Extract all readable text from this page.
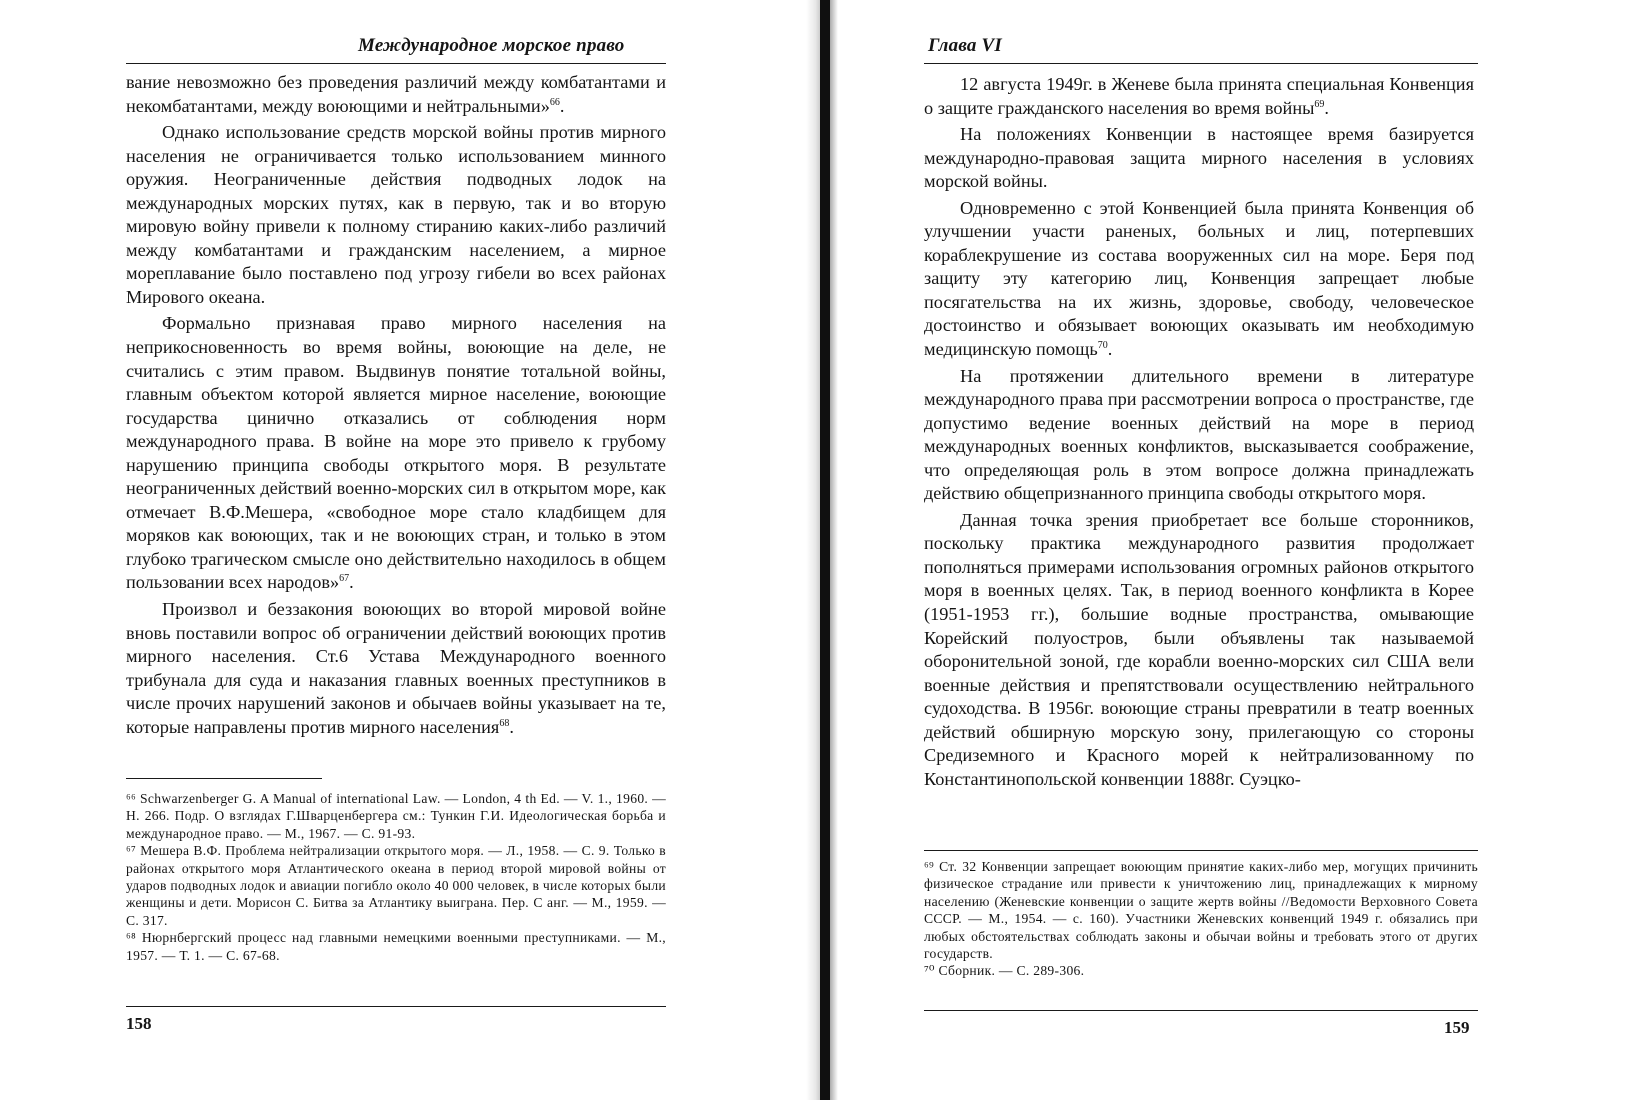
Международное морское право

вание невозможно без проведения различий между комбатантами и некомбатантами, между воюющими и нейтральными»$^{66}$.

Однако использование средств морской войны против мирного населения не ограничивается только использованием минного оружия. Неограниченные действия подводных лодок на международных морских путях, как в первую, так и во вторую мировую войну привели к полному стиранию каких-либо различий между комбатантами и гражданским населением, а мирное мореплавание было поставлено под угрозу гибели во всех районах Мирового океана.

Формально признавая право мирного населения на неприкосновенность во время войны, воюющие на деле, не считались с этим правом. Выдвинув понятие тотальной войны, главным объектом которой является мирное население, воюющие государства цинично отказались от соблюдения норм международного права. В войне на море это привело к грубому нарушению принципа свободы открытого моря. В результате неограниченных действий военно-морских сил в открытом море, как отмечает В.Ф.Мешера, «свободное море стало кладбищем для моряков как воюющих, так и не воюющих стран, и только в этом глубоко трагическом смысле оно действительно находилось в общем пользовании всех народов»$^{67}$.

Произвол и беззакония воюющих во второй мировой войне вновь поставили вопрос об ограничении действий воюющих против мирного населения. Ст.6 Устава Международного военного трибунала для суда и наказания главных военных преступников в числе прочих нарушений законов и обычаев войны указывает на те, которые направлены против мирного населения$^{68}$.

⁶⁶ Schwarzenberger G. A Manual of international Law. — London, 4 th Ed. — V. 1., 1960. — Н. 266. Подр. О взглядах Г.Шварценбергера см.: Тункин Г.И. Идеологическая борьба и международное право. — М., 1967. — С. 91-93.

⁶⁷ Мешера В.Ф. Проблема нейтрализации открытого моря. — Л., 1958. — С. 9. Только в районах открытого моря Атлантического океана в период второй мировой войны от ударов подводных лодок и авиации погибло около 40 000 человек, в числе которых были женщины и дети. Морисон С. Битва за Атлантику выиграна. Пер. С анг. — М., 1959. — С. 317.

⁶⁸ Нюрнбергский процесс над главными немецкими военными преступниками. — М., 1957. — Т. 1. — С. 67-68.

158
Глава VI

12 августа 1949г. в Женеве была принята специальная Конвенция о защите гражданского населения во время войны$^{69}$.

На положениях Конвенции в настоящее время базируется международно-правовая защита мирного населения в условиях морской войны.

Одновременно с этой Конвенцией была принята Конвенция об улучшении участи раненых, больных и лиц, потерпевших кораблекрушение из состава вооруженных сил на море. Беря под защиту эту категорию лиц, Конвенция запрещает любые посягательства на их жизнь, здоровье, свободу, человеческое достоинство и обязывает воюющих оказывать им необходимую медицинскую помощь$^{70}$.

На протяжении длительного времени в литературе международного права при рассмотрении вопроса о пространстве, где допустимо ведение военных действий на море в период международных военных конфликтов, высказывается соображение, что определяющая роль в этом вопросе должна принадлежать действию общепризнанного принципа свободы открытого моря.

Данная точка зрения приобретает все больше сторонников, поскольку практика международного развития продолжает пополняться примерами использования огромных районов открытого моря в военных целях. Так, в период военного конфликта в Корее (1951-1953 гг.), большие водные пространства, омывающие Корейский полуостров, были объявлены так называемой оборонительной зоной, где корабли военно-морских сил США вели военные действия и препятствовали осуществлению нейтрального судоходства. В 1956г. воюющие страны превратили в театр военных действий обширную морскую зону, прилегающую со стороны Средиземного и Красного морей к нейтрализованному по Константинопольской конвенции 1888г. Суэцко-

⁶⁹ Ст. 32 Конвенции запрещает воюющим принятие каких-либо мер, могущих причинить физическое страдание или привести к уничтожению лиц, принадлежащих к мирному населению (Женевские конвенции о защите жертв войны //Ведомости Верховного Совета СССР. — М., 1954. — с. 160). Участники Женевских конвенций 1949 г. обязались при любых обстоятельствах соблюдать законы и обычаи войны и требовать этого от других государств.

⁷⁰ Сборник. — С. 289-306.

159
